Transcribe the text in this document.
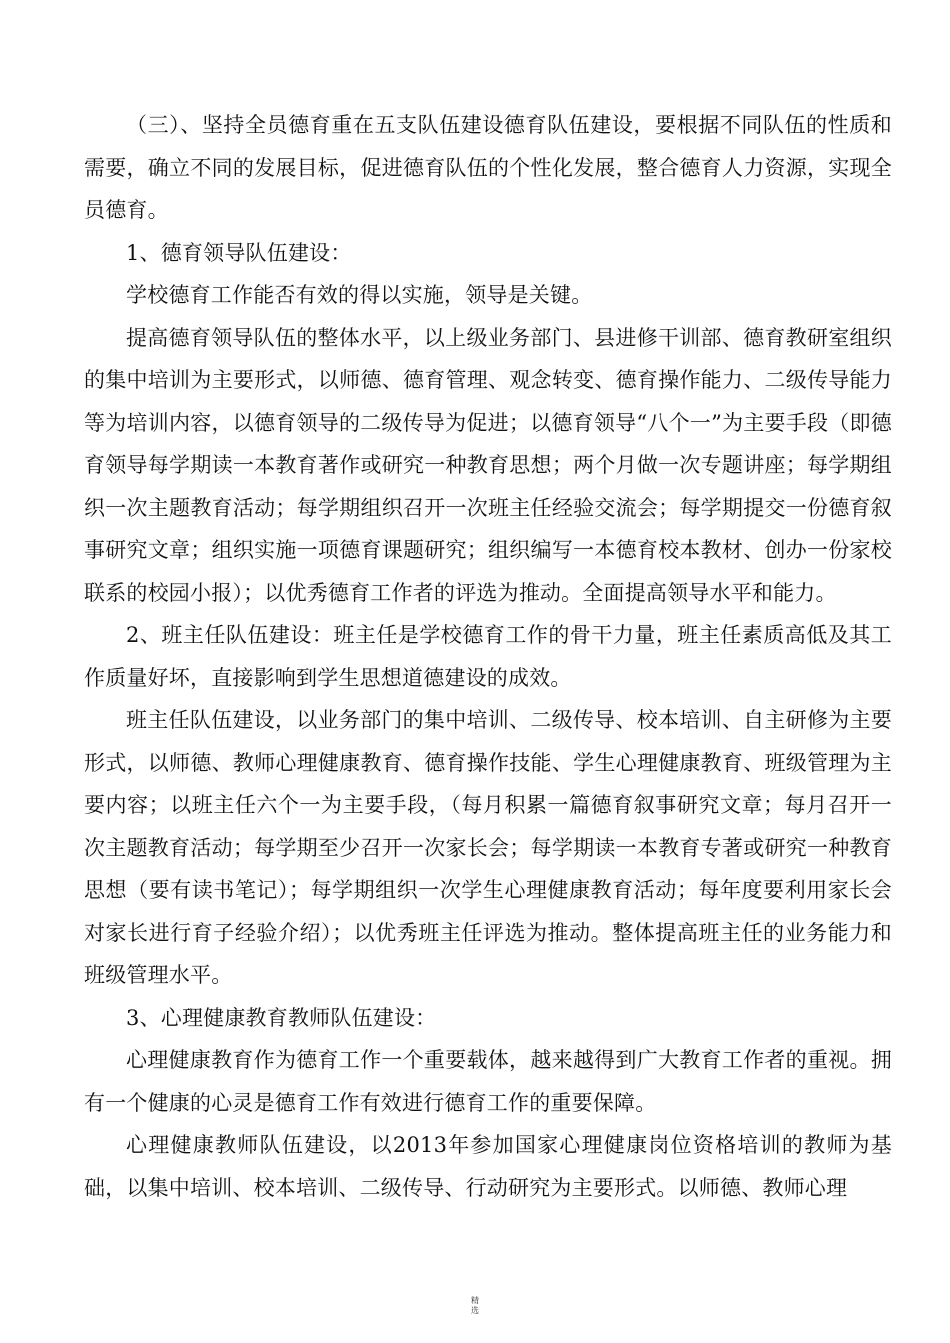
（三）、坚持全员德育重在五支队伍建设德育队伍建设，要根据不同队伍的性质和需要，确立不同的发展目标，促进德育队伍的个性化发展，整合德育人力资源，实现全员德育。

1、德育领导队伍建设：

学校德育工作能否有效的得以实施，领导是关键。

提高德育领导队伍的整体水平，以上级业务部门、县进修干训部、德育教研室组织的集中培训为主要形式，以师德、德育管理、观念转变、德育操作能力、二级传导能力等为培训内容，以德育领导的二级传导为促进；以德育领导“八个一”为主要手段（即德育领导每学期读一本教育著作或研究一种教育思想；两个月做一次专题讲座；每学期组织一次主题教育活动；每学期组织召开一次班主任经验交流会；每学期提交一份德育叙事研究文章；组织实施一项德育课题研究；组织编写一本德育校本教材、创办一份家校联系的校园小报）；以优秀德育工作者的评选为推动。全面提高领导水平和能力。

2、班主任队伍建设：班主任是学校德育工作的骨干力量，班主任素质高低及其工作质量好坏，直接影响到学生思想道德建设的成效。

班主任队伍建设，以业务部门的集中培训、二级传导、校本培训、自主研修为主要形式，以师德、教师心理健康教育、德育操作技能、学生心理健康教育、班级管理为主要内容；以班主任六个一为主要手段，（每月积累一篇德育叙事研究文章；每月召开一次主题教育活动；每学期至少召开一次家长会；每学期读一本教育专著或研究一种教育思想（要有读书笔记）；每学期组织一次学生心理健康教育活动；每年度要利用家长会对家长进行育子经验介绍）；以优秀班主任评选为推动。整体提高班主任的业务能力和班级管理水平。

3、心理健康教育教师队伍建设：

心理健康教育作为德育工作一个重要载体，越来越得到广大教育工作者的重视。拥有一个健康的心灵是德育工作有效进行德育工作的重要保障。

心理健康教师队伍建设，以2013年参加国家心理健康岗位资格培训的教师为基础，以集中培训、校本培训、二级传导、行动研究为主要形式。以师德、教师心理

精
选
